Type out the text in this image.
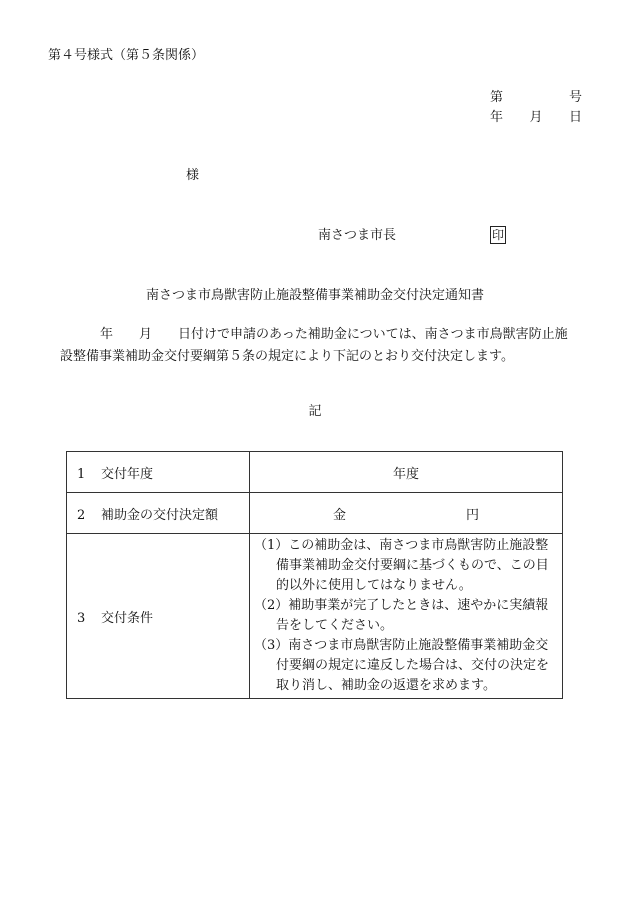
第４号様式（第５条関係）
第	号
年 月 日
様
南さつま市長	印
南さつま市鳥獣害防止施設整備事業補助金交付決定通知書
年　　月　　日付けで申請のあった補助金については、南さつま市鳥獣害防止施
設整備事業補助金交付要綱第５条の規定により下記のとおり交付決定します。
記
1 交付年度	年度
2 補助金の交付決定額	金 円

3 交付条件	（1）この補助金は、南さつま市鳥獣害防止施設整備事業補助金交付要綱に基づくもので、この目的以外に使用してはなりません。
（2）補助事業が完了したときは、速やかに実績報告をしてください。
（3）南さつま市鳥獣害防止施設整備事業補助金交付要綱の規定に違反した場合は、交付の決定を取り消し、補助金の返還を求めます。
